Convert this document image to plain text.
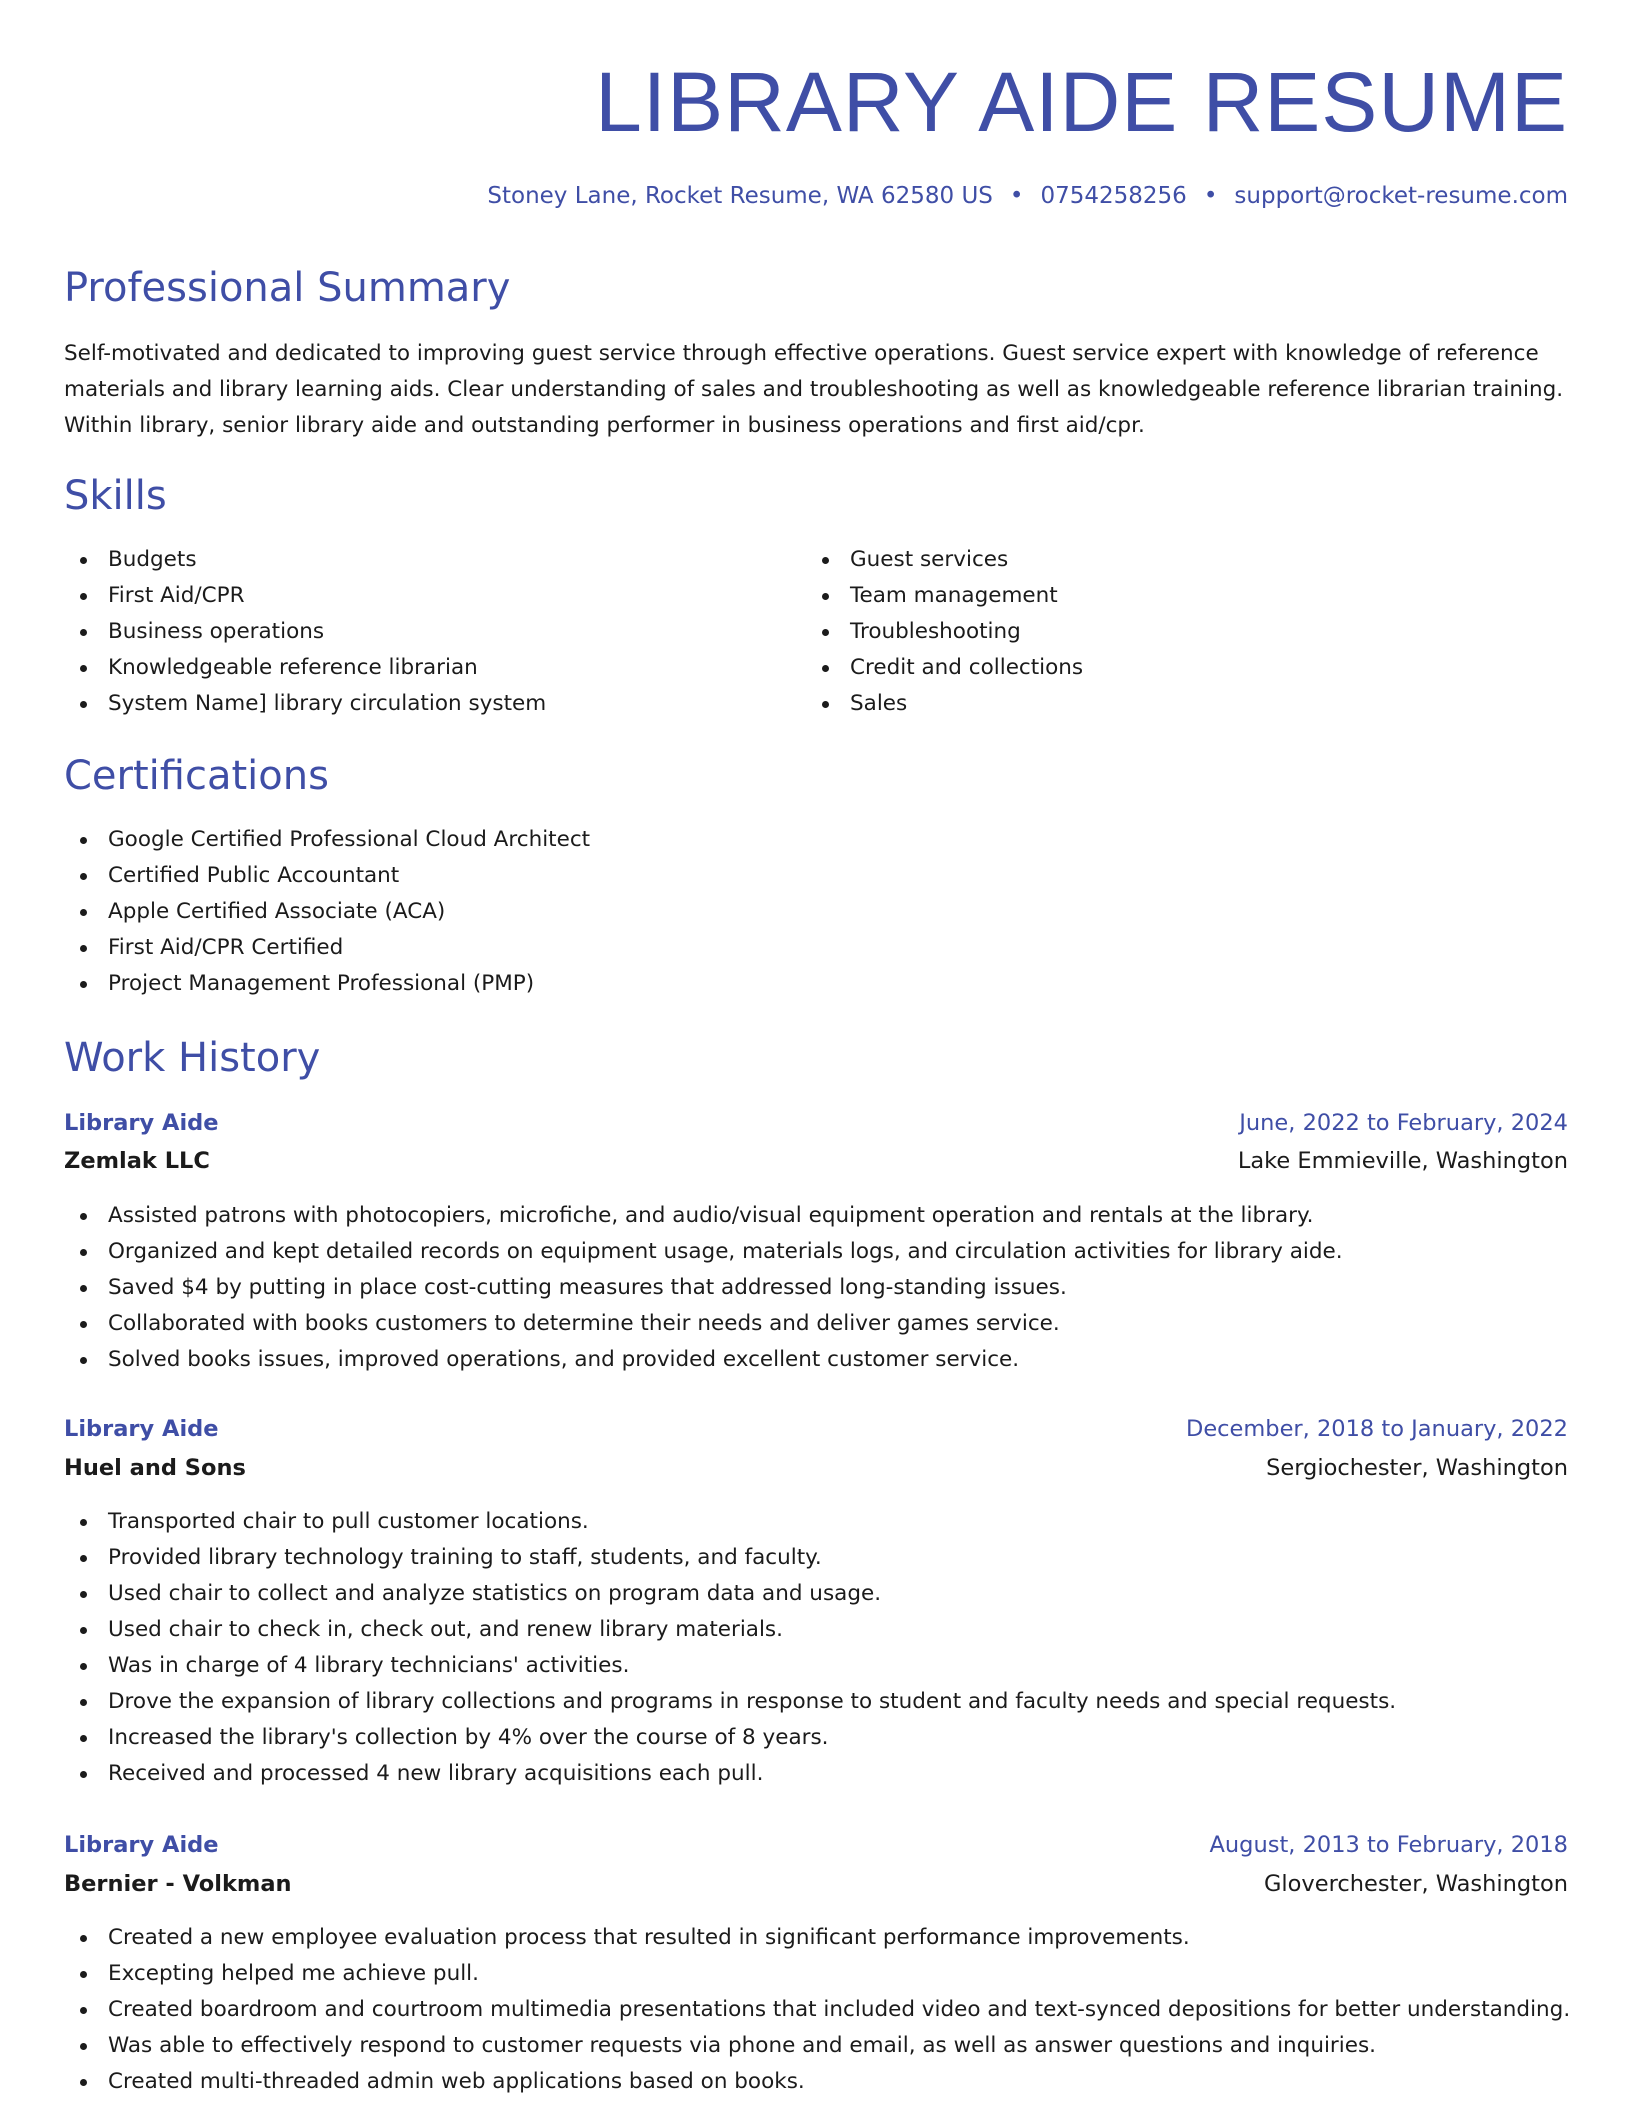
LIBRARY AIDE RESUME
Stoney Lane, Rocket Resume, WA 62580 US • 0754258256 • support@rocket-resume.com
Professional Summary

Self-motivated and dedicated to improving guest service through effective operations. Guest service expert with knowledge of reference materials and library learning aids. Clear understanding of sales and troubleshooting as well as knowledgeable reference librarian training. Within library, senior library aide and outstanding performer in business operations and first aid/cpr.

Skills
Budgets
First Aid/CPR
Business operations
Knowledgeable reference librarian
System Name] library circulation system
Guest services
Team management
Troubleshooting
Credit and collections
Sales
Certifications
Google Certified Professional Cloud Architect
Certified Public Accountant
Apple Certified Associate (ACA)
First Aid/CPR Certified
Project Management Professional (PMP)
Work History
Library Aide	June, 2022 to February, 2024
Zemlak LLC	Lake Emmieville, Washington
Assisted patrons with photocopiers, microfiche, and audio/visual equipment operation and rentals at the library.
Organized and kept detailed records on equipment usage, materials logs, and circulation activities for library aide.
Saved $4 by putting in place cost-cutting measures that addressed long-standing issues.
Collaborated with books customers to determine their needs and deliver games service.
Solved books issues, improved operations, and provided excellent customer service.
Library Aide	December, 2018 to January, 2022
Huel and Sons	Sergiochester, Washington
Transported chair to pull customer locations.
Provided library technology training to staff, students, and faculty.
Used chair to collect and analyze statistics on program data and usage.
Used chair to check in, check out, and renew library materials.
Was in charge of 4 library technicians' activities.
Drove the expansion of library collections and programs in response to student and faculty needs and special requests.
Increased the library's collection by 4% over the course of 8 years.
Received and processed 4 new library acquisitions each pull.
Library Aide	August, 2013 to February, 2018
Bernier - Volkman	Gloverchester, Washington
Created a new employee evaluation process that resulted in significant performance improvements.
Excepting helped me achieve pull.
Created boardroom and courtroom multimedia presentations that included video and text-synced depositions for better understanding.
Was able to effectively respond to customer requests via phone and email, as well as answer questions and inquiries.
Created multi-threaded admin web applications based on books.
